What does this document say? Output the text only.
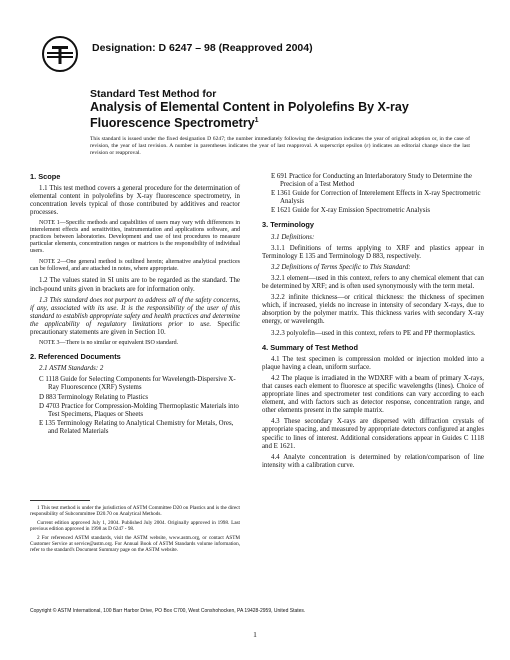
Designation: D 6247 – 98 (Reapproved 2004)
Standard Test Method for
Analysis of Elemental Content in Polyolefins By X-ray
Fluorescence Spectrometry$^1$
This standard is issued under the fixed designation D 6247; the number immediately following the designation indicates the year of original adoption or, in the case of revision, the year of last revision. A number in parentheses indicates the year of last reapproval. A superscript epsilon (ε) indicates an editorial change since the last revision or reapproval.
1. Scope

1.1 This test method covers a general procedure for the determination of elemental content in polyolefins by X-ray fluorescence spectrometry, in concentration levels typical of those contributed by additives and reactor processes.

NOTE 1—Specific methods and capabilities of users may vary with differences in interelement effects and sensitivities, instrumentation and applications software, and practices between laboratories. Development and use of test procedures to measure particular elements, concentration ranges or matrices is the responsibility of individual users.

NOTE 2—One general method is outlined herein; alternative analytical practices can be followed, and are attached in notes, where appropriate.

1.2 The values stated in SI units are to be regarded as the standard. The inch-pound units given in brackets are for information only.

1.3 This standard does not purport to address all of the safety concerns, if any, associated with its use. It is the responsibility of the user of this standard to establish appropriate safety and health practices and determine the applicability of regulatory limitations prior to use. Specific precautionary statements are given in Section 10.

NOTE 3—There is no similar or equivalent ISO standard.

2. Referenced Documents

2.1 ASTM Standards: 2

C 1118 Guide for Selecting Components for Wavelength-Dispersive X-Ray Fluorescence (XRF) Systems

D 883 Terminology Relating to Plastics

D 4703 Practice for Compression-Molding Thermoplastic Materials into Test Specimens, Plaques or Sheets

E 135 Terminology Relating to Analytical Chemistry for Metals, Ores, and Related Materials

1 This test method is under the jurisdiction of ASTM Committee D20 on Plastics and is the direct responsibility of Subcommittee D20.70 on Analytical Methods.

Current edition approved July 1, 2004. Published July 2004. Originally approved in 1998. Last previous edition approved in 1998 as D 6247 - 98.

2 For referenced ASTM standards, visit the ASTM website, www.astm.org, or contact ASTM Customer Service at service@astm.org. For Annual Book of ASTM Standards volume information, refer to the standard's Document Summary page on the ASTM website.

E 691 Practice for Conducting an Interlaboratory Study to Determine the Precision of a Test Method

E 1361 Guide for Correction of Interelement Effects in X-ray Spectrometric Analysis

E 1621 Guide for X-ray Emission Spectrometric Analysis

3. Terminology

3.1 Definitions:

3.1.1 Definitions of terms applying to XRF and plastics appear in Terminology E 135 and Terminology D 883, respectively.

3.2 Definitions of Terms Specific to This Standard:

3.2.1 element—used in this context, refers to any chemical element that can be determined by XRF; and is often used synonymously with the term metal.

3.2.2 infinite thickness—or critical thickness: the thickness of specimen which, if increased, yields no increase in intensity of secondary X-rays, due to absorption by the polymer matrix. This thickness varies with secondary X-ray energy, or wavelength.

3.2.3 polyolefin—used in this context, refers to PE and PP thermoplastics.

4. Summary of Test Method

4.1 The test specimen is compression molded or injection molded into a plaque having a clean, uniform surface.

4.2 The plaque is irradiated in the WDXRF with a beam of primary X-rays, that causes each element to fluoresce at specific wavelengths (lines). Choice of appropriate lines and spectrometer test conditions can vary according to each element, and with factors such as detector response, concentration range, and other elements present in the sample matrix.

4.3 These secondary X-rays are dispersed with diffraction crystals of appropriate spacing, and measured by appropriate detectors configured at angles specific to lines of interest. Additional considerations appear in Guides C 1118 and E 1621.

4.4 Analyte concentration is determined by relation/comparison of line intensity with a calibration curve.

Copyright © ASTM International, 100 Barr Harbor Drive, PO Box C700, West Conshohocken, PA 19428-2959, United States.
1
